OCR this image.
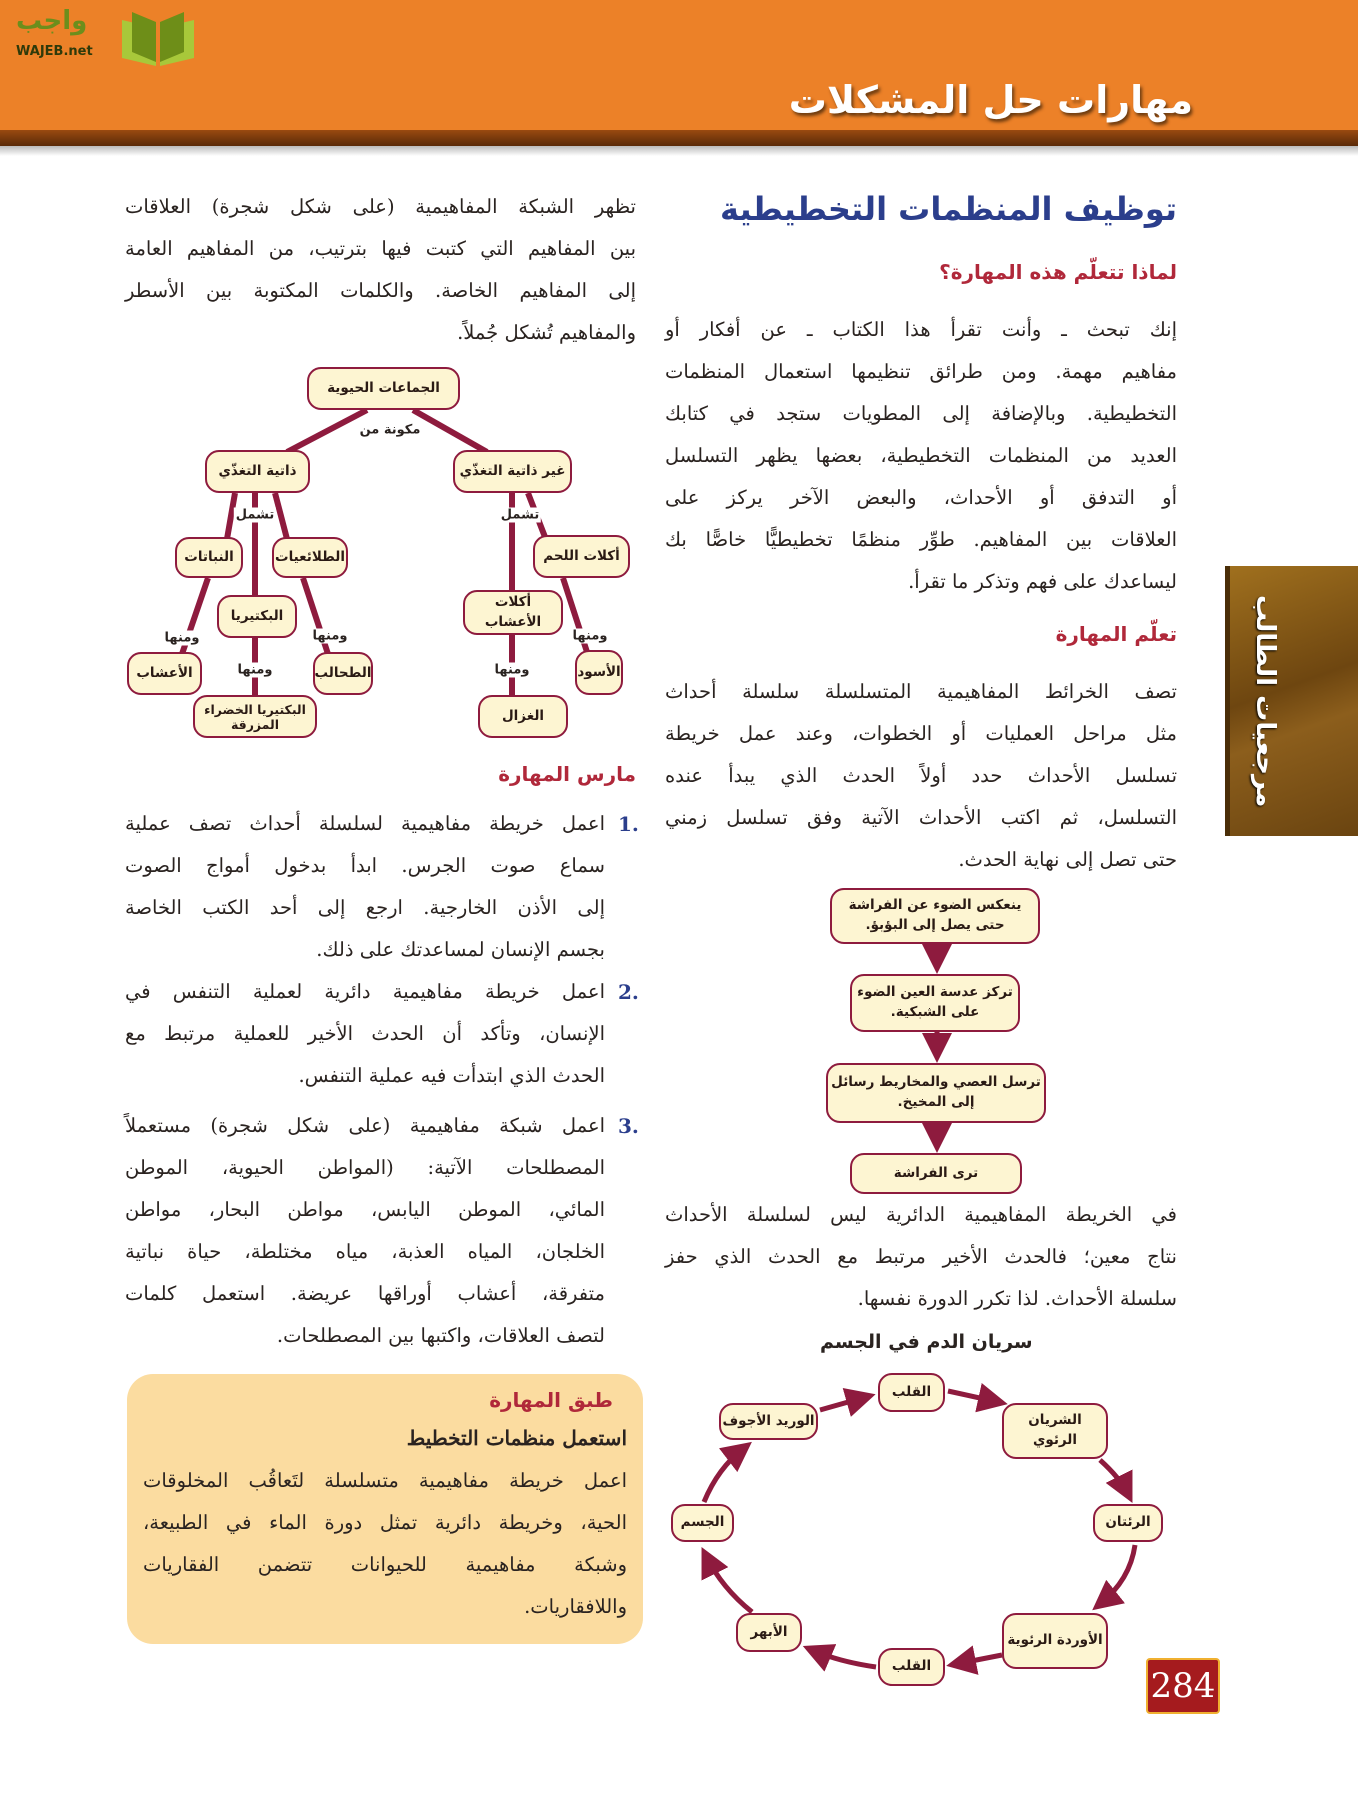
مهارات حل المشكلات
واجب
WAJEB.net
مرجعيات الطالب
توظيف المنظمات التخطيطية
لماذا تتعلّم هذه المهارة؟
إنك تبحث ـ وأنت تقرأ هذا الكتاب ـ عن أفكار أو
مفاهيم مهمة. ومن طرائق تنظيمها استعمال المنظمات
التخطيطية. وبالإضافة إلى المطويات ستجد في كتابك
العديد من المنظمات التخطيطية، بعضها يظهر التسلسل
أو التدفق أو الأحداث، والبعض الآخر يركز على
العلاقات بين المفاهيم. طوِّر منظمًا تخطيطيًّا خاصًّا بك
ليساعدك على فهم وتذكر ما تقرأ.
تعلّم المهارة
تصف الخرائط المفاهيمية المتسلسلة سلسلة أحداث
مثل مراحل العمليات أو الخطوات، وعند عمل خريطة
تسلسل الأحداث حدد أولاً الحدث الذي يبدأ عنده
التسلسل، ثم اكتب الأحداث الآتية وفق تسلسل زمني
حتى تصل إلى نهاية الحدث.
ينعكس الضوء عن الفراشة حتى يصل إلى البؤبؤ.
تركز عدسة العين الضوء على الشبكية.
ترسل العصي والمخاريط رسائل إلى المخيخ.
ترى الفراشة
في الخريطة المفاهيمية الدائرية ليس لسلسلة الأحداث
نتاج معين؛ فالحدث الأخير مرتبط مع الحدث الذي حفز
سلسلة الأحداث. لذا تكرر الدورة نفسها.
سريان الدم في الجسم
القلب
الشريان الرئوي
الرئتان
الأوردة الرئوية
القلب
الأبهر
الجسم
الوريد الأجوف
تظهر الشبكة المفاهيمية (على شكل شجرة) العلاقات
بين المفاهيم التي كتبت فيها بترتيب، من المفاهيم العامة
إلى المفاهيم الخاصة. والكلمات المكتوبة بين الأسطر
والمفاهيم تُشكل جُملاً.
الجماعات الحيوية
مكونة من
ذاتية التغذّي	غير ذاتية التغذّي
تشمل	تشمل
النباتات	الطلائعيات
البكتيريا
ومنها
ومنها
ومنها
الأعشاب	الطحالب
البكتيريا الخضراء المزرقة
أكلات اللحم
أكلات الأعشاب
ومنها
ومنها
الأسود
الغزال
مارس المهارة
1.
اعمل خريطة مفاهيمية لسلسلة أحداث تصف عملية
سماع صوت الجرس. ابدأ بدخول أمواج الصوت
إلى الأذن الخارجية. ارجع إلى أحد الكتب الخاصة
بجسم الإنسان لمساعدتك على ذلك.
2.
اعمل خريطة مفاهيمية دائرية لعملية التنفس في
الإنسان، وتأكد أن الحدث الأخير للعملية مرتبط مع
الحدث الذي ابتدأت فيه عملية التنفس.
3.
اعمل شبكة مفاهيمية (على شكل شجرة) مستعملاً
المصطلحات الآتية: (المواطن الحيوية، الموطن
المائي، الموطن اليابس، مواطن البحار، مواطن
الخلجان، المياه العذبة، مياه مختلطة، حياة نباتية
متفرقة، أعشاب أوراقها عريضة. استعمل كلمات
لتصف العلاقات، واكتبها بين المصطلحات.
طبق المهارة
استعمل منظمات التخطيط
اعمل خريطة مفاهيمية متسلسلة لتَعاقُب المخلوقات
الحية، وخريطة دائرية تمثل دورة الماء في الطبيعة،
وشبكة مفاهيمية للحيوانات تتضمن الفقاريات
واللافقاريات.
284
